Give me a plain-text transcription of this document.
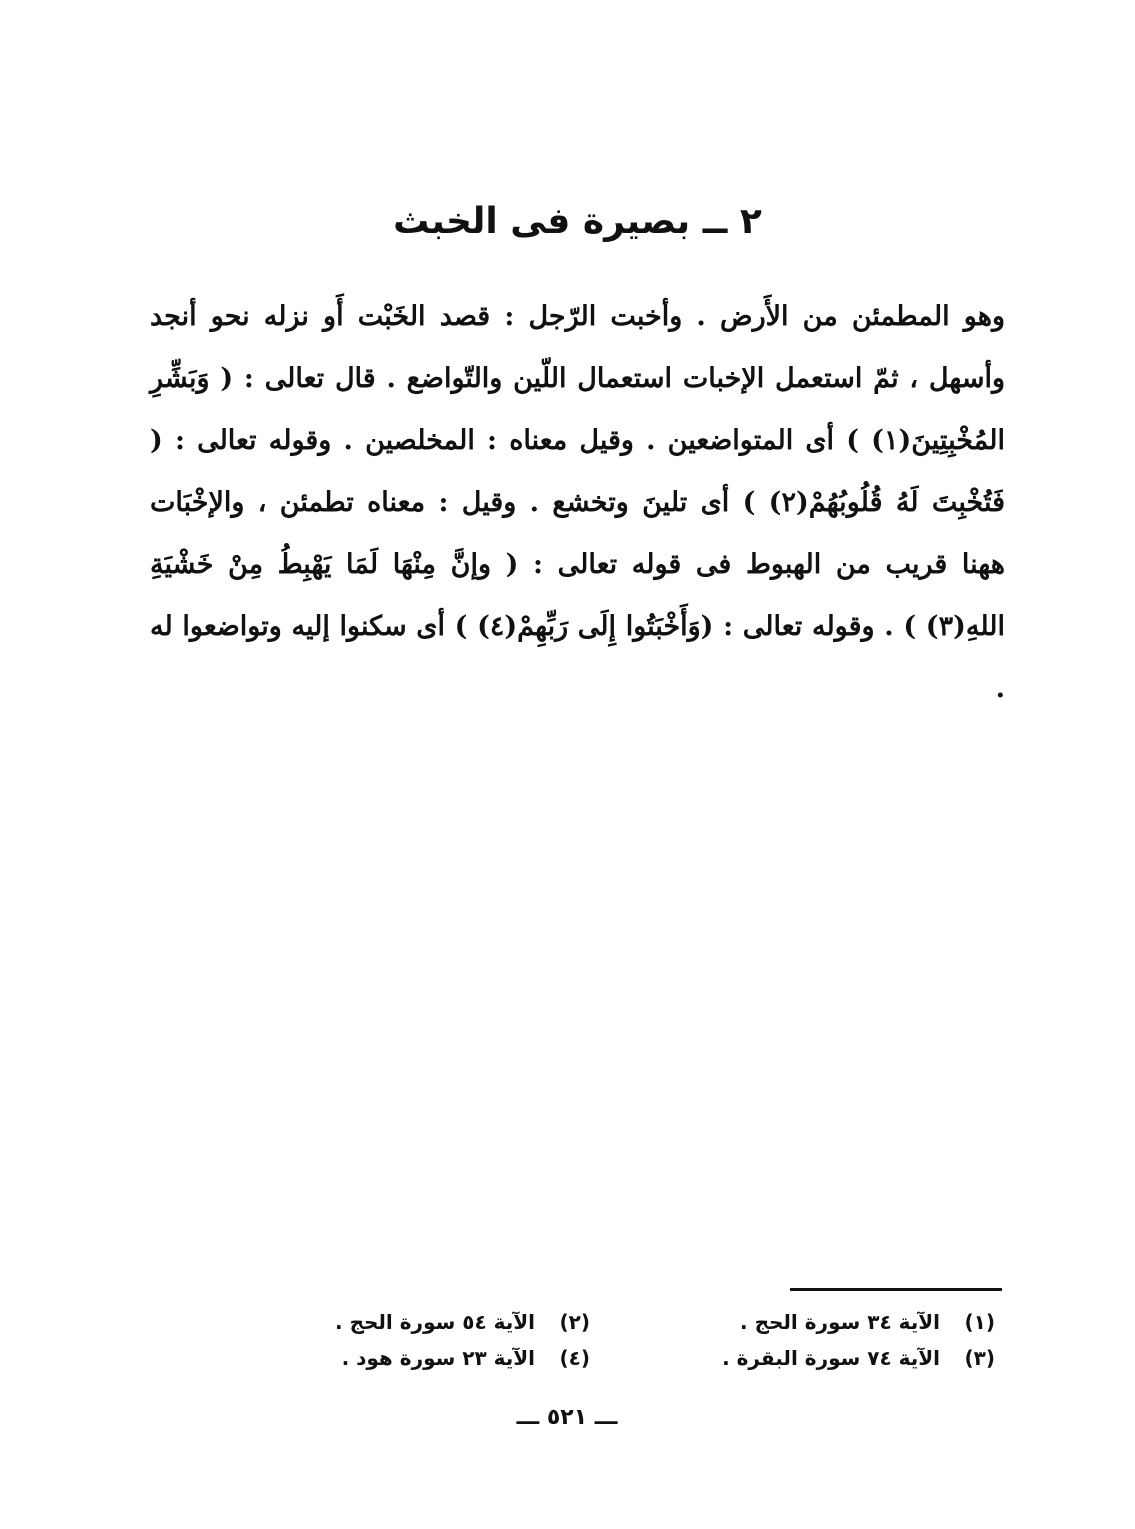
٢ ــ بصيرة فى الخبث

وهو المطمئن من الأَرض . وأخبت الرّجل : قصد الخَبْت أَو نزله نحو أنجد وأسهل ، ثمّ استعمل الإخبات استعمال اللّين والتّواضع . قال تعالى : ( وَبَشِّرِ المُخْبِتِينَ(١) ) أى المتواضعين . وقيل معناه : المخلصين . وقوله تعالى : ( فَتُخْبِتَ لَهُ قُلُوبُهُمْ(٢) ) أى تلينَ وتخشع . وقيل : معناه تطمئن ، والإخْبَات ههنا قريب من الهبوط فى قوله تعالى : ( وإنَّ مِنْهَا لَمَا يَهْبِطُ مِنْ خَشْيَةِ اللهِ(٣) ) . وقوله تعالى : (وَأَخْبَتُوا إِلَى رَبِّهِمْ(٤) ) أى سكنوا إليه وتواضعوا له .

(١) الآية ٣٤ سورة الحج .
(٢) الآية ٥٤ سورة الحج .
(٣) الآية ٧٤ سورة البقرة .
(٤) الآية ٢٣ سورة هود .
ـــ ٥٢١ ـــ
